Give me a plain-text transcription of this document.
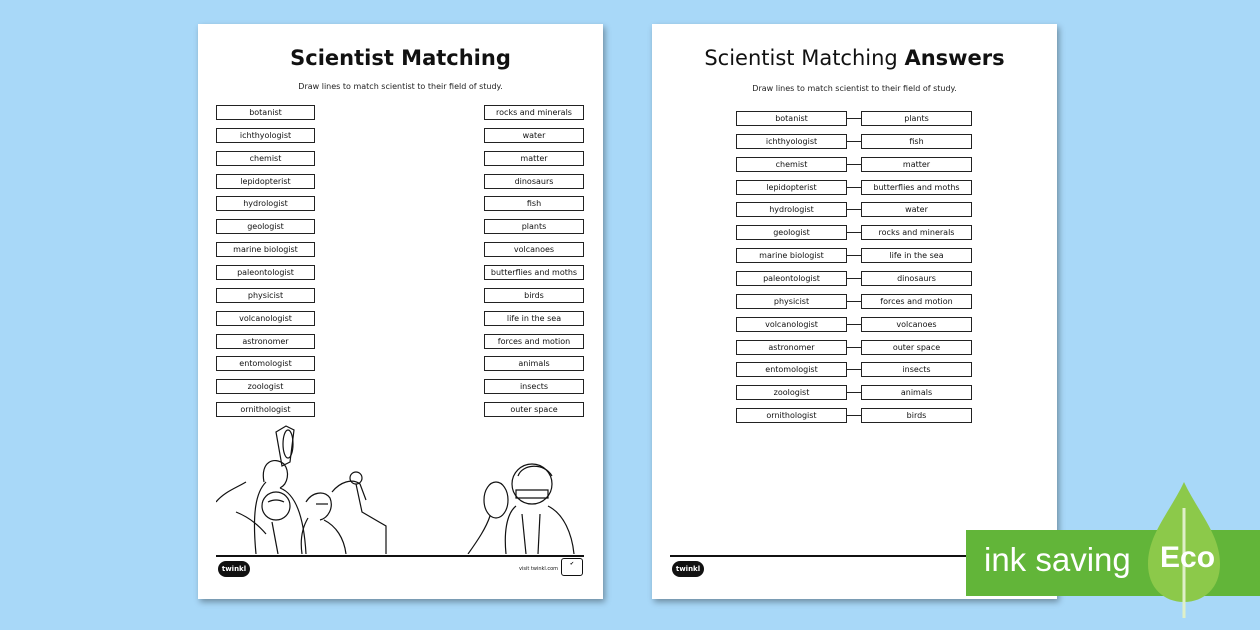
Scientist Matching
Draw lines to match scientist to their field of study.
botanist
ichthyologist
chemist
lepidopterist
hydrologist
geologist
marine biologist
paleontologist
physicist
volcanologist
astronomer
entomologist
zoologist
ornithologist
rocks and minerals
water
matter
dinosaurs
fish
plants
volcanoes
butterflies and moths
birds
life in the sea
forces and motion
animals
insects
outer space
twinkl	visit twinkl.com
✔
Scientist Matching Answers
Draw lines to match scientist to their field of study.
botanist	plants
ichthyologist	fish
chemist	matter
lepidopterist	butterflies and moths
hydrologist	water
geologist	rocks and minerals
marine biologist	life in the sea
paleontologist	dinosaurs
physicist	forces and motion
volcanologist	volcanoes
astronomer	outer space
entomologist	insects
zoologist	animals
ornithologist	birds
twinkl	ink saving Eco
